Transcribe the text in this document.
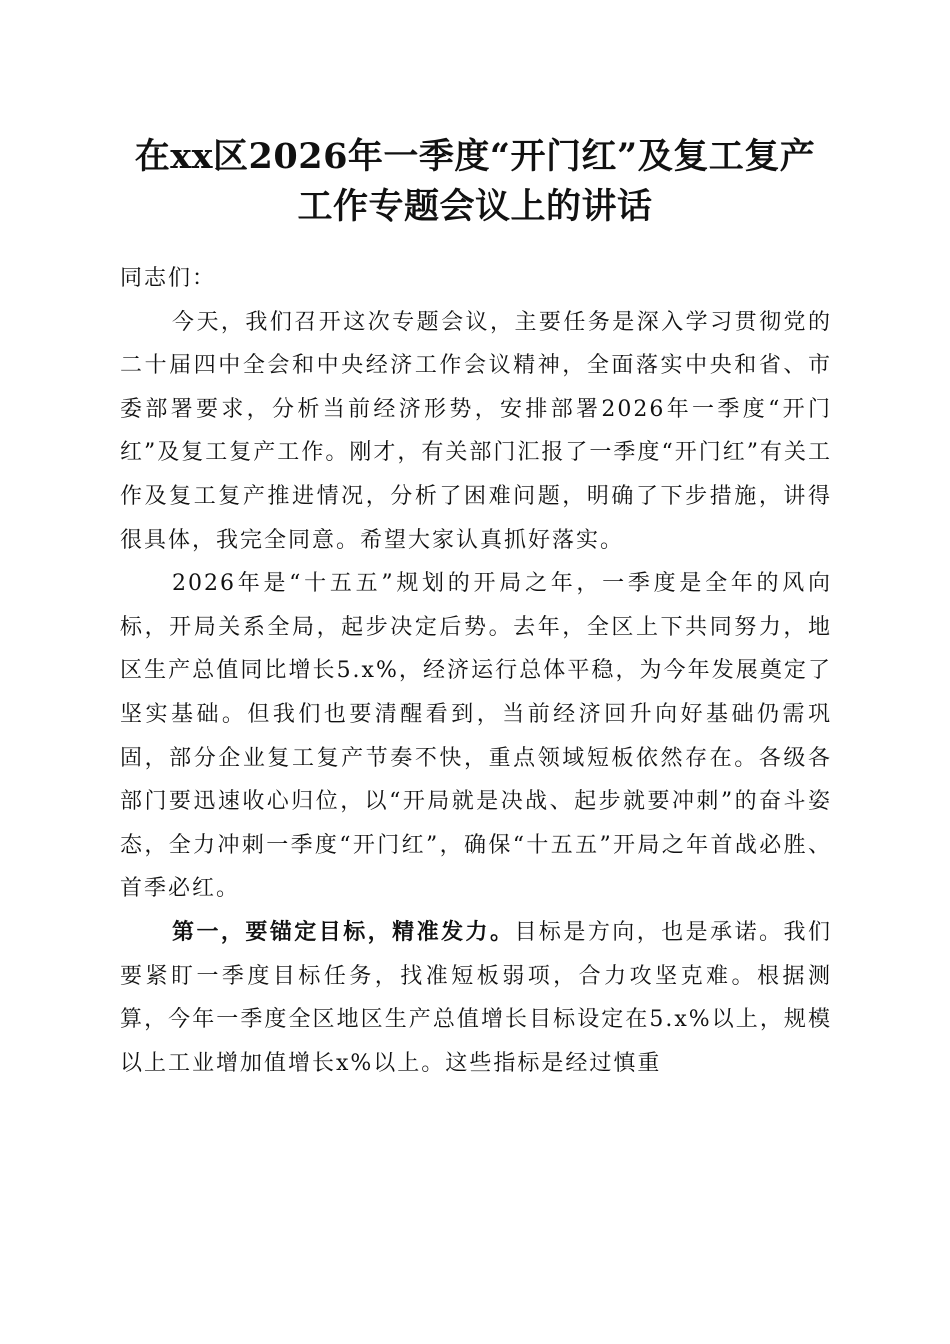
在xx区2026年一季度“开门红”及复工复产
工作专题会议上的讲话

同志们：

今天，我们召开这次专题会议，主要任务是深入学习贯彻党的二十届四中全会和中央经济工作会议精神，全面落实中央和省、市委部署要求，分析当前经济形势，安排部署2026年一季度“开门红”及复工复产工作。刚才，有关部门汇报了一季度“开门红”有关工作及复工复产推进情况，分析了困难问题，明确了下步措施，讲得很具体，我完全同意。希望大家认真抓好落实。

2026年是“十五五”规划的开局之年，一季度是全年的风向标，开局关系全局，起步决定后势。去年，全区上下共同努力，地区生产总值同比增长5.x%，经济运行总体平稳，为今年发展奠定了坚实基础。但我们也要清醒看到，当前经济回升向好基础仍需巩固，部分企业复工复产节奏不快，重点领域短板依然存在。各级各部门要迅速收心归位，以“开局就是决战、起步就要冲刺”的奋斗姿态，全力冲刺一季度“开门红”，确保“十五五”开局之年首战必胜、首季必红。

第一，要锚定目标，精准发力。目标是方向，也是承诺。我们要紧盯一季度目标任务，找准短板弱项，合力攻坚克难。根据测算，今年一季度全区地区生产总值增长目标设定在5.x%以上，规模以上工业增加值增长x%以上。这些指标是经过慎重
